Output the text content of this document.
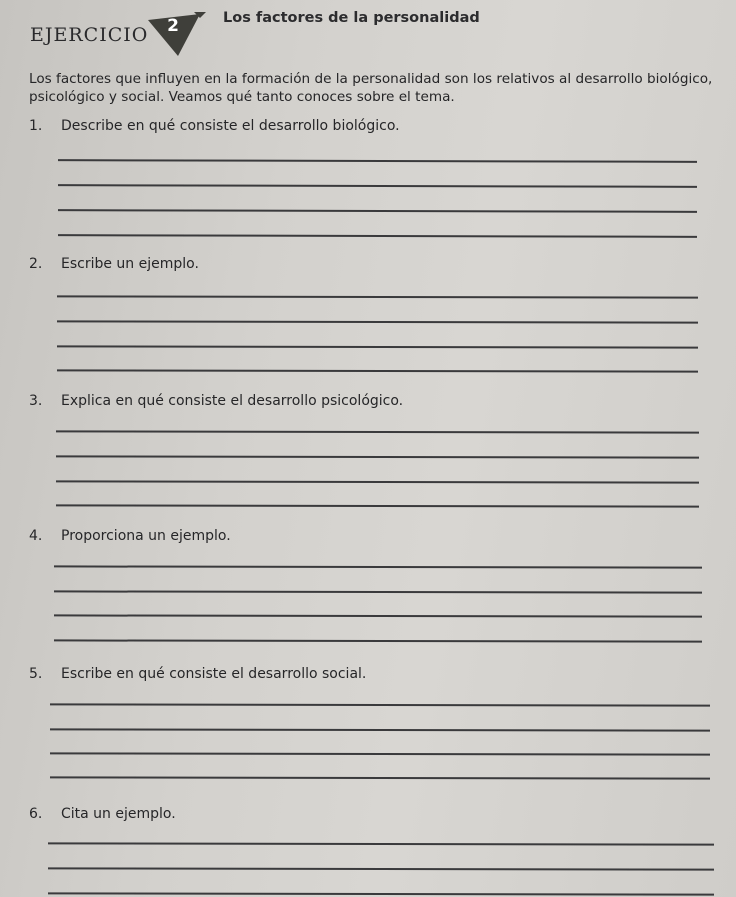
EJERCICIO 2	Los factores de la personalidad
Los factores que influyen en la formación de la personalidad son los relativos al desarrollo biológico, psicológico y social. Veamos qué tanto conoces sobre el tema.
1. Describe en qué consiste el desarrollo biológico.
2. Escribe un ejemplo.
3. Explica en qué consiste el desarrollo psicológico.
4. Proporciona un ejemplo.
5. Escribe en qué consiste el desarrollo social.
6. Cita un ejemplo.
